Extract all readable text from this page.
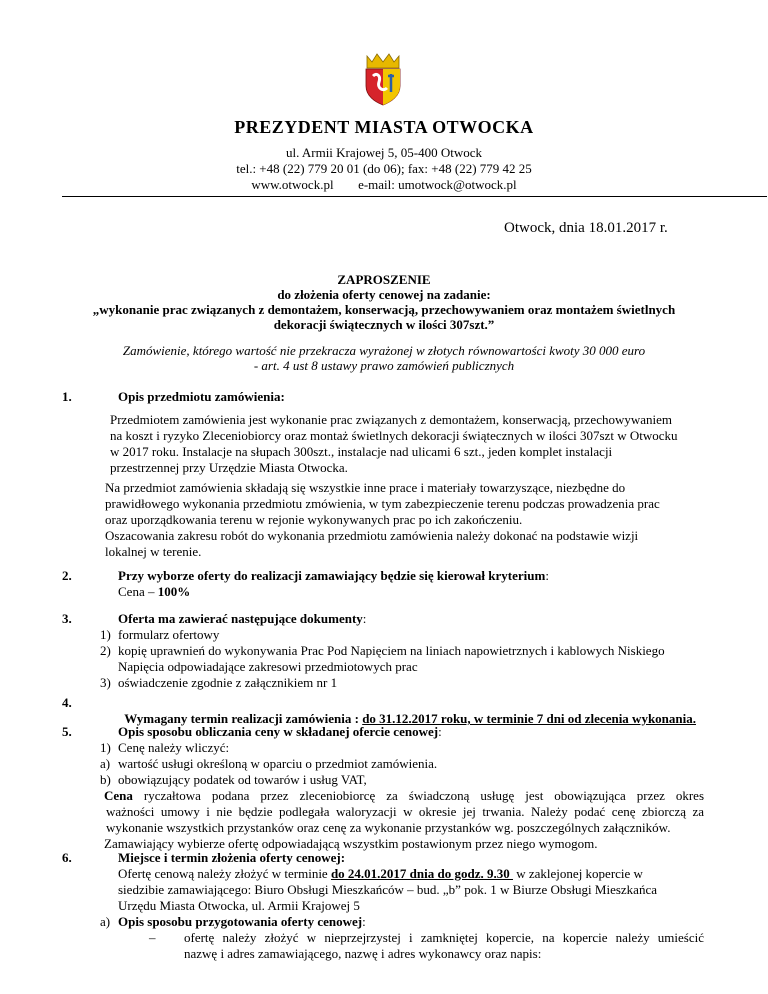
PREZYDENT MIASTA OTWOCKA
ul. Armii Krajowej 5, 05-400 Otwock
tel.: +48 (22) 779 20 01 (do 06); fax: +48 (22) 779 42 25
www.otwock.pl e-mail: umotwock@otwock.pl
Otwock, dnia 18.01.2017 r.
ZAPROSZENIE
do złożenia oferty cenowej na zadanie:
„wykonanie prac związanych z demontażem, konserwacją, przechowywaniem oraz montażem świetlnych
dekoracji świątecznych w ilości 307szt.”
Zamówienie, którego wartość nie przekracza wyrażonej w złotych równowartości kwoty 30 000 euro
- art. 4 ust 8 ustawy prawo zamówień publicznych
1.	Opis przedmiotu zamówienia:
Przedmiotem zamówienia jest wykonanie prac związanych z demontażem, konserwacją, przechowywaniem
na koszt i ryzyko Zleceniobiorcy oraz montaż świetlnych dekoracji świątecznych w ilości 307szt w Otwocku
w 2017 roku. Instalacje na słupach 300szt., instalacje nad ulicami 6 szt., jeden komplet instalacji
przestrzennej przy Urzędzie Miasta Otwocka.
Na przedmiot zamówienia składają się wszystkie inne prace i materiały towarzyszące, niezbędne do
prawidłowego wykonania przedmiotu zmówienia, w tym zabezpieczenie terenu podczas prowadzenia prac
oraz uporządkowania terenu w rejonie wykonywanych prac po ich zakończeniu.
Oszacowania zakresu robót do wykonania przedmiotu zamówienia należy dokonać na podstawie wizji
lokalnej w terenie.
2.	Przy wyborze oferty do realizacji zamawiający będzie się kierował kryterium:
Cena – 100%
3.	Oferta ma zawierać następujące dokumenty:
1) formularz ofertowy
2) kopię uprawnień do wykonywania Prac Pod Napięciem na liniach napowietrznych i kablowych Niskiego
Napięcia odpowiadające zakresowi przedmiotowych prac
3) oświadczenie zgodnie z załącznikiem nr 1
4.

Wymagany termin realizacji zamówienia : do 31.12.2017 roku, w terminie 7 dni od zlecenia wykonania.

5.	Opis sposobu obliczania ceny w składanej ofercie cenowej:
1) Cenę należy wliczyć:
a) wartość usługi określoną w oparciu o przedmiot zamówienia.
b) obowiązujący podatek od towarów i usług VAT,
Cena ryczałtowa podana przez zleceniobiorcę za świadczoną usługę jest obowiązująca przez okres
ważności umowy i nie będzie podlegała waloryzacji w okresie jej trwania. Należy podać cenę zbiorczą za
wykonanie wszystkich przystanków oraz cenę za wykonanie przystanków wg. poszczególnych załączników.
Zamawiający wybierze ofertę odpowiadającą wszystkim postawionym przez niego wymogom.
6.	Miejsce i termin złożenia oferty cenowej:
Ofertę cenową należy złożyć w terminie do 24.01.2017 dnia do godz. 9.30  w zaklejonej kopercie w
siedzibie zamawiającego: Biuro Obsługi Mieszkańców – bud. „b” pok. 1 w Biurze Obsługi Mieszkańca
Urzędu Miasta Otwocka, ul. Armii Krajowej 5
a) Opis sposobu przygotowania oferty cenowej:
– ofertę należy złożyć w nieprzejrzystej i zamkniętej kopercie, na kopercie należy umieścić
nazwę i adres zamawiającego, nazwę i adres wykonawcy oraz napis:
